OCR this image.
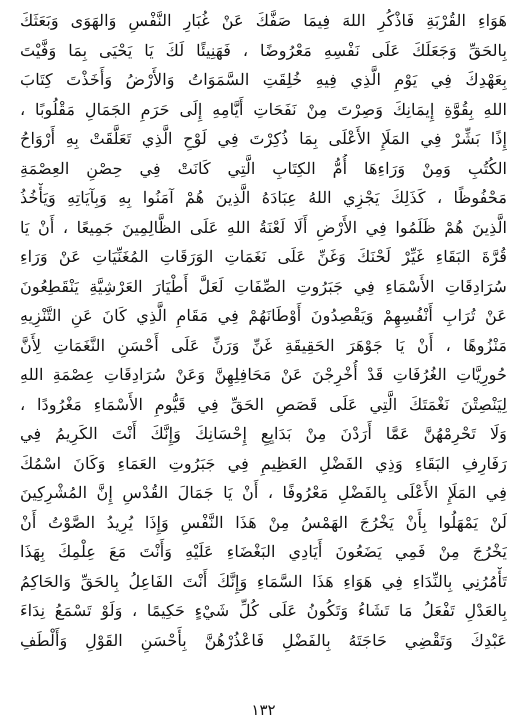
هَوَاءِ القُرْبَةِ فَاذْكُرِ اللهَ فِيمَا صَفَّكَ عَنْ غُبَارِ النَّفْسِ وَالهَوَى وَبَعَثَكَ
بِالحَقِّ وَجَعَلَكَ عَلَى نَفْسِهِ مَعْرُوضًا ، فَهَنِيئًا لَكَ يَا يَحْيَى بِمَا وَفَّيْتَ
بِعَهْدِكَ فِي يَوْمِ الَّذِي فِيهِ خُلِقَتِ السَّمَوَاتُ وَالأَرْضُ وَأَخَذْتَ كِتَابَ
اللهِ بِقُوَّةِ إِيمَانِكَ وَصِرْتَ مِنْ نَفَحَاتِ أَيَّامِهِ إِلَى حَرَمِ الجَمَالِ مَقْلُوبًا ،
إِذًا بَشِّرْ فِي المَلَإِ الأَعْلَى بِمَا ذُكِرْتَ فِي لَوْحِ الَّذِي تَعَلَّقَتْ بِهِ أَرْوَاحُ
الكُتُبِ وَمِنْ وَرَاءِهَا أُمُّ الكِتَابِ الَّتِي كَانَتْ فِي حِصْنِ العِصْمَةِ
مَحْفُوظًا ، كَذَلِكَ يَجْزِي اللهُ عِبَادَهُ الَّذِينَ هُمْ آمَنُوا بِهِ وَبِآيَاتِهِ وَيَأْخُذُ
الَّذِينَ هُمْ ظَلَمُوا فِي الأَرْضِ أَلَا لَعْنَةُ اللهِ عَلَى الظَّالِمِينَ جَمِيعًا ، أَنْ يَا
قُرَّةَ البَقَاءِ غَيِّرْ لَحْنَكَ وَغَنِّ عَلَى نَغَمَاتِ الوَرَقَاتِ المُغَنِّيَاتِ عَنْ وَرَاءِ
سُرَادِقَاتِ الأَسْمَاءِ فِي جَبَرُوتِ الصِّفَاتِ لَعَلَّ أَطْيَارَ العَرْشِيَّةِ يَنْقَطِعُونَ
عَنْ تُرَابِ أَنْفُسِهِمْ وَيَقْصِدُونَ أَوْطَانَهُمْ فِي مَقَامِ الَّذِي كَانَ عَنِ التَّنْزِيهِ
مَنْزُوهًا ، أَنْ يَا جَوْهَرَ الحَقِيقَةِ غَنِّ وَرَنِّ عَلَى أَحْسَنِ النَّغَمَاتِ لِأَنَّ
حُورِيَّاتِ الغُرُفَاتِ قَدْ أُخْرِجْنَ عَنْ مَحَافِلِهِنَّ وَعَنْ سُرَادِقَاتِ عِصْمَةِ اللهِ
لِيَنْصِتْنَ نَغْمَتَكَ الَّتِي عَلَى قَصَصِ الحَقِّ فِي قَيُّومِ الأَسْمَاءِ مَغْرُودًا ،
وَلَا تَحْرِمْهُنَّ عَمَّا أَرَدْنَ مِنْ بَدَايِعِ إِحْسَانِكَ وَإِنَّكَ أَنْتَ الكَرِيمُ فِي
رَفَارِفِ البَقَاءِ وَذِي الفَضْلِ العَظِيمِ فِي جَبَرُوتِ العَمَاءِ وَكَانَ اسْمُكَ
فِي المَلَإِ الأَعْلَى بِالفَضْلِ مَعْرُوفًا ، أَنْ يَا جَمَالَ القُدْسِ إِنَّ المُشْرِكِينَ
لَنْ يَمْهَلُوا بِأَنْ يَخْرُجَ الهَمْسُ مِنْ هَذَا النَّفْسِ وَإِذَا يُرِيدُ الصَّوْتُ أَنْ
يَخْرُجَ مِنْ فَمِي يَضَعُونَ أَيَادِي البَغْضَاءِ عَلَيْهِ وَأَنْتَ مَعَ عِلْمِكَ بِهَذَا
تَأْمُرُنِي بِالنِّدَاءِ فِي هَوَاءِ هَذَا السَّمَاءِ وَإِنَّكَ أَنْتَ الفَاعِلُ بِالحَقِّ وَالحَاكِمُ
بِالعَدْلِ تَفْعَلُ مَا تَشَاءُ وَتَكُونُ عَلَى كُلِّ شَيْءٍ حَكِيمًا ، وَلَوْ تَسْمَعُ نِدَاءَ
عَبْدِكَ وَتَقْضِي حَاجَتَهُ بِالفَضْلِ فَاعْذُرْهُنَّ بِأَحْسَنِ القَوْلِ وَأَلْطَفِ
١٣٢
